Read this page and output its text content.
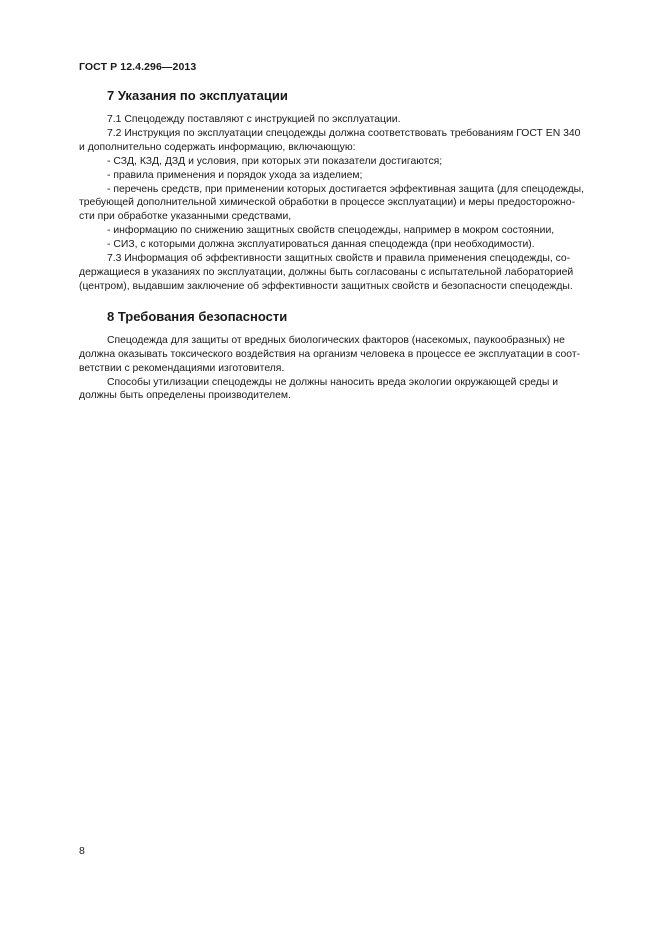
ГОСТ Р 12.4.296—2013
7 Указания по эксплуатации

7.1 Спецодежду поставляют с инструкцией по эксплуатации.

7.2 Инструкция по эксплуатации спецодежды должна соответствовать требованиям ГОСТ EN 340
и дополнительно содержать информацию, включающую:

- СЗД, КЗД, ДЗД и условия, при которых эти показатели достигаются;
- правила применения и порядок ухода за изделием;
- перечень средств, при применении которых достигается эффективная защита (для спецодежды,
требующей дополнительной химической обработки в процессе эксплуатации) и меры предосторожно-
сти при обработке указанными средствами,
- информацию по снижению защитных свойств спецодежды, например в мокром состоянии,
- СИЗ, с которыми должна эксплуатироваться данная спецодежда (при необходимости).

7.3 Информация об эффективности защитных свойств и правила применения спецодежды, со-
держащиеся в указаниях по эксплуатации, должны быть согласованы с испытательной лабораторией
(центром), выдавшим заключение об эффективности защитных свойств и безопасности спецодежды.

8 Требования безопасности

Спецодежда для защиты от вредных биологических факторов (насекомых, паукообразных) не
должна оказывать токсического воздействия на организм человека в процессе ее эксплуатации в соот-
ветствии с рекомендациями изготовителя.

Способы утилизации спецодежды не должны наносить вреда экологии окружающей среды и
должны быть определены производителем.

8
